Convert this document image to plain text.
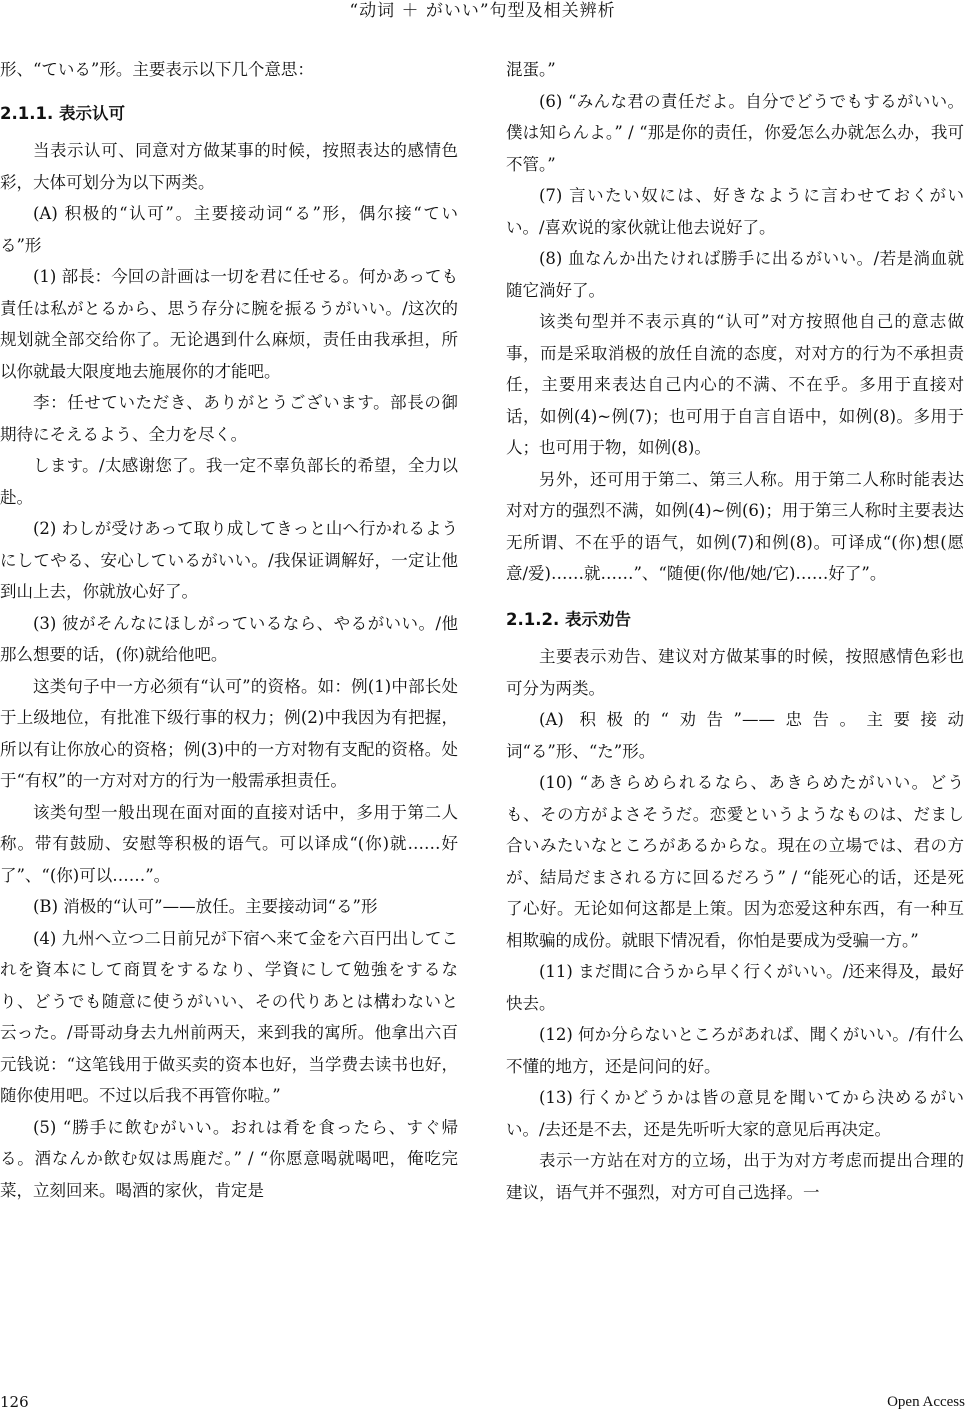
“动词 ＋ がいい”句型及相关辨析

形、“ている”形。主要表示以下几个意思：

2.1.1. 表示认可

当表示认可、同意对方做某事的时候，按照表达的感情色彩，大体可划分为以下两类。

(A) 积极的“认可”。主要接动词“る”形，偶尔接“ている”形

(1) 部長：今回の計画は一切を君に任せる。何かあっても責任は私がとるから、思う存分に腕を振るうがいい。/这次的规划就全部交给你了。无论遇到什么麻烦，责任由我承担，所以你就最大限度地去施展你的才能吧。

李：任せていただき、ありがとうございます。部長の御期待にそえるよう、全力を尽く。

します。/太感谢您了。我一定不辜负部长的希望，全力以赴。

(2) わしが受けあって取り成してきっと山へ行かれるようにしてやる、安心しているがいい。/我保证调解好，一定让他到山上去，你就放心好了。

(3) 彼がそんなにほしがっているなら、やるがいい。/他那么想要的话，(你)就给他吧。

这类句子中一方必须有“认可”的资格。如：例(1)中部长处于上级地位，有批准下级行事的权力；例(2)中我因为有把握，所以有让你放心的资格；例(3)中的一方对物有支配的资格。处于“有权”的一方对对方的行为一般需承担责任。

该类句型一般出现在面对面的直接对话中，多用于第二人称。带有鼓励、安慰等积极的语气。可以译成“(你)就……好了”、“(你)可以……”。

(B) 消极的“认可”——放任。主要接动词“る”形

(4) 九州へ立つ二日前兄が下宿へ来て金を六百円出してこれを資本にして商買をするなり、学資にして勉強をするなり、どうでも随意に使うがいい、その代りあとは構わないと云った。/哥哥动身去九州前两天，来到我的寓所。他拿出六百元钱说：“这笔钱用于做买卖的资本也好，当学费去读书也好，随你使用吧。不过以后我不再管你啦。”

(5) “勝手に飲むがいい。おれは肴を食ったら、すぐ帰る。酒なんか飲む奴は馬鹿だ。” / “你愿意喝就喝吧，俺吃完菜，立刻回来。喝酒的家伙，肯定是

混蛋。”

(6) “みんな君の責任だよ。自分でどうでもするがいい。僕は知らんよ。” / “那是你的责任，你爱怎么办就怎么办，我可不管。”

(7) 言いたい奴には、好きなように言わせておくがいい。/喜欢说的家伙就让他去说好了。

(8) 血なんか出たければ勝手に出るがいい。/若是淌血就随它淌好了。

该类句型并不表示真的“认可”对方按照他自己的意志做事，而是采取消极的放任自流的态度，对对方的行为不承担责任，主要用来表达自己内心的不满、不在乎。多用于直接对话，如例(4)~例(7)；也可用于自言自语中，如例(8)。多用于人；也可用于物，如例(8)。

另外，还可用于第二、第三人称。用于第二人称时能表达对对方的强烈不满，如例(4)~例(6)；用于第三人称时主要表达无所谓、不在乎的语气，如例(7)和例(8)。可译成“(你)想(愿意/爱)……就……”、“随便(你/他/她/它)……好了”。

2.1.2. 表示劝告

主要表示劝告、建议对方做某事的时候，按照感情色彩也可分为两类。

(A) 积极的“劝告”——忠告。主要接动词“る”形、“た”形。

(10) “あきらめられるなら、あきらめたがいい。どうも、その方がよさそうだ。恋愛というようなものは、だまし合いみたいなところがあるからな。現在の立場では、君の方が、結局だまされる方に回るだろう” / “能死心的话，还是死了心好。无论如何这都是上策。因为恋爱这种东西，有一种互相欺骗的成份。就眼下情况看，你怕是要成为受骗一方。”

(11) まだ間に合うから早く行くがいい。/还来得及，最好快去。

(12) 何か分らないところがあれば、聞くがいい。/有什么不懂的地方，还是问问的好。

(13) 行くかどうかは皆の意見を聞いてから決めるがいい。/去还是不去，还是先听听大家的意见后再决定。

表示一方站在对方的立场，出于为对方考虑而提出合理的建议，语气并不强烈，对方可自己选择。一

126	Open Access
